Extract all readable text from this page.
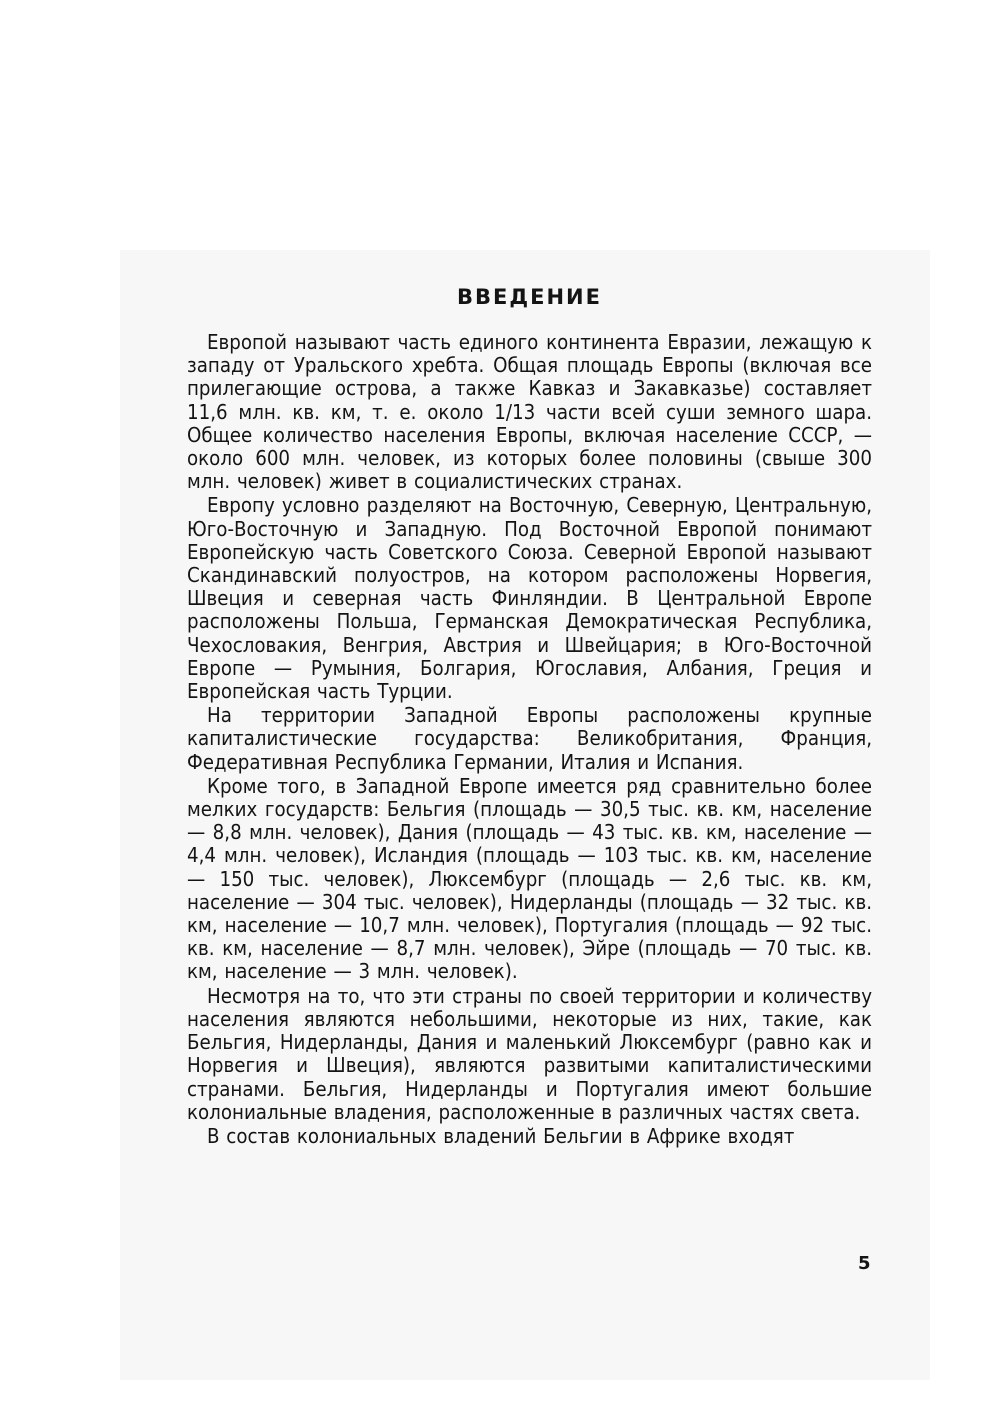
ВВЕДЕНИЕ

Европой называют часть единого континента Евразии, лежащую к западу от Уральского хребта. Общая площадь Европы (включая все прилегающие острова, а также Кавказ и Закавказье) составляет 11,6 млн. кв. км, т. е. около 1/13 части всей суши земного шара. Общее количество населения Европы, включая население СССР, — около 600 млн. человек, из которых более половины (свыше 300 млн. человек) живет в социалистических странах.

Европу условно разделяют на Восточную, Северную, Центральную, Юго-Восточную и Западную. Под Восточной Европой понимают Европейскую часть Советского Союза. Северной Европой называют Скандинавский полуостров, на котором расположены Норвегия, Швеция и северная часть Финляндии. В Центральной Европе расположены Польша, Германская Демократическая Республика, Чехословакия, Венгрия, Австрия и Швейцария; в Юго-Восточной Европе — Румыния, Болгария, Югославия, Албания, Греция и Европейская часть Турции.

На территории Западной Европы расположены крупные капиталистические государства: Великобритания, Франция, Федеративная Республика Германии, Италия и Испания.

Кроме того, в Западной Европе имеется ряд сравнительно более мелких государств: Бельгия (площадь — 30,5 тыс. кв. км, население — 8,8 млн. человек), Дания (площадь — 43 тыс. кв. км, население — 4,4 млн. человек), Исландия (площадь — 103 тыс. кв. км, население — 150 тыс. человек), Люксембург (площадь — 2,6 тыс. кв. км, население — 304 тыс. человек), Нидерланды (площадь — 32 тыс. кв. км, население — 10,7 млн. человек), Португалия (площадь — 92 тыс. кв. км, население — 8,7 млн. человек), Эйре (площадь — 70 тыс. кв. км, население — 3 млн. человек).

Несмотря на то, что эти страны по своей территории и количеству населения являются небольшими, некоторые из них, такие, как Бельгия, Нидерланды, Дания и маленький Люксембург (равно как и Норвегия и Швеция), являются развитыми капиталистическими странами. Бельгия, Нидерланды и Португалия имеют большие колониальные владения, расположенные в различных частях света.

В состав колониальных владений Бельгии в Африке входят

5
